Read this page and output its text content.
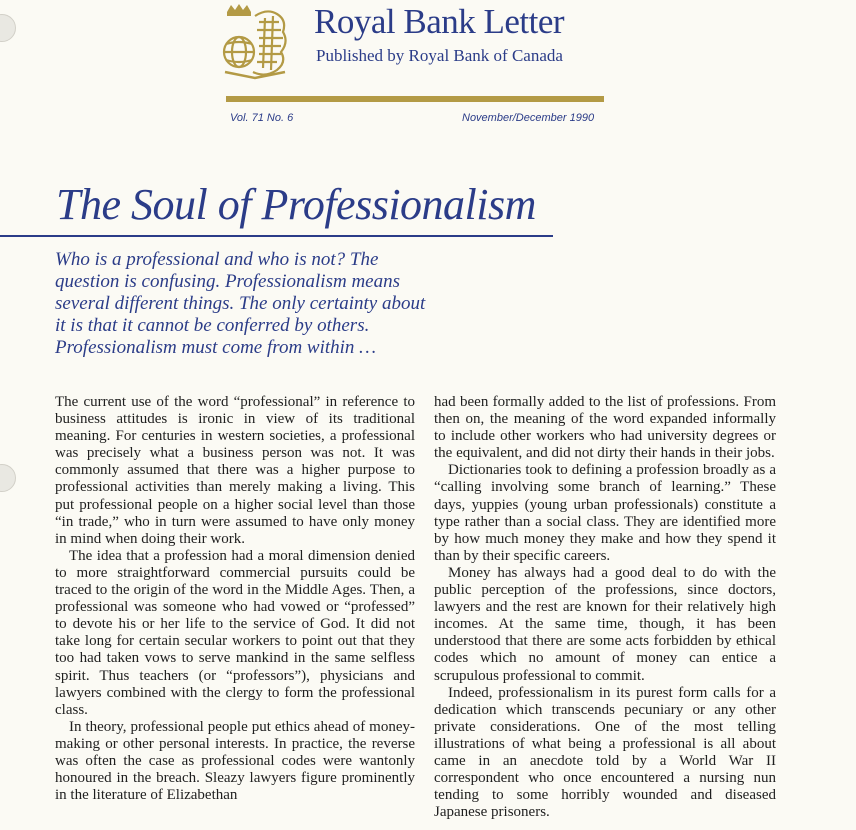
Royal Bank Letter
Published by Royal Bank of Canada
Vol. 71 No. 6	November/December 1990
The Soul of Professionalism

Who is a professional and who is not? The question is confusing. Professionalism means several different things. The only certainty about it is that it cannot be conferred by others. Professionalism must come from within …

The current use of the word “professional” in reference to business attitudes is ironic in view of its traditional meaning. For centuries in western societies, a professional was precisely what a business person was not. It was commonly assumed that there was a higher purpose to professional activities than merely making a living. This put professional people on a higher social level than those “in trade,” who in turn were assumed to have only money in mind when doing their work.

The idea that a profession had a moral dimension denied to more straightforward commercial pursuits could be traced to the origin of the word in the Middle Ages. Then, a professional was someone who had vowed or “professed” to devote his or her life to the service of God. It did not take long for certain secular workers to point out that they too had taken vows to serve mankind in the same selfless spirit. Thus teachers (or “professors”), physicians and lawyers combined with the clergy to form the professional class.

In theory, professional people put ethics ahead of money-making or other personal interests. In practice, the reverse was often the case as professional codes were wantonly honoured in the breach. Sleazy lawyers figure prominently in the literature of Elizabethan

had been formally added to the list of professions. From then on, the meaning of the word expanded informally to include other workers who had university degrees or the equivalent, and did not dirty their hands in their jobs.

Dictionaries took to defining a profession broadly as a “calling involving some branch of learning.” These days, yuppies (young urban professionals) constitute a type rather than a social class. They are identified more by how much money they make and how they spend it than by their specific careers.

Money has always had a good deal to do with the public perception of the professions, since doctors, lawyers and the rest are known for their relatively high incomes. At the same time, though, it has been understood that there are some acts forbidden by ethical codes which no amount of money can entice a scrupulous professional to commit.

Indeed, professionalism in its purest form calls for a dedication which transcends pecuniary or any other private considerations. One of the most telling illustrations of what being a professional is all about came in an anecdote told by a World War II correspondent who once encountered a nursing nun tending to some horribly wounded and diseased Japanese prisoners.
